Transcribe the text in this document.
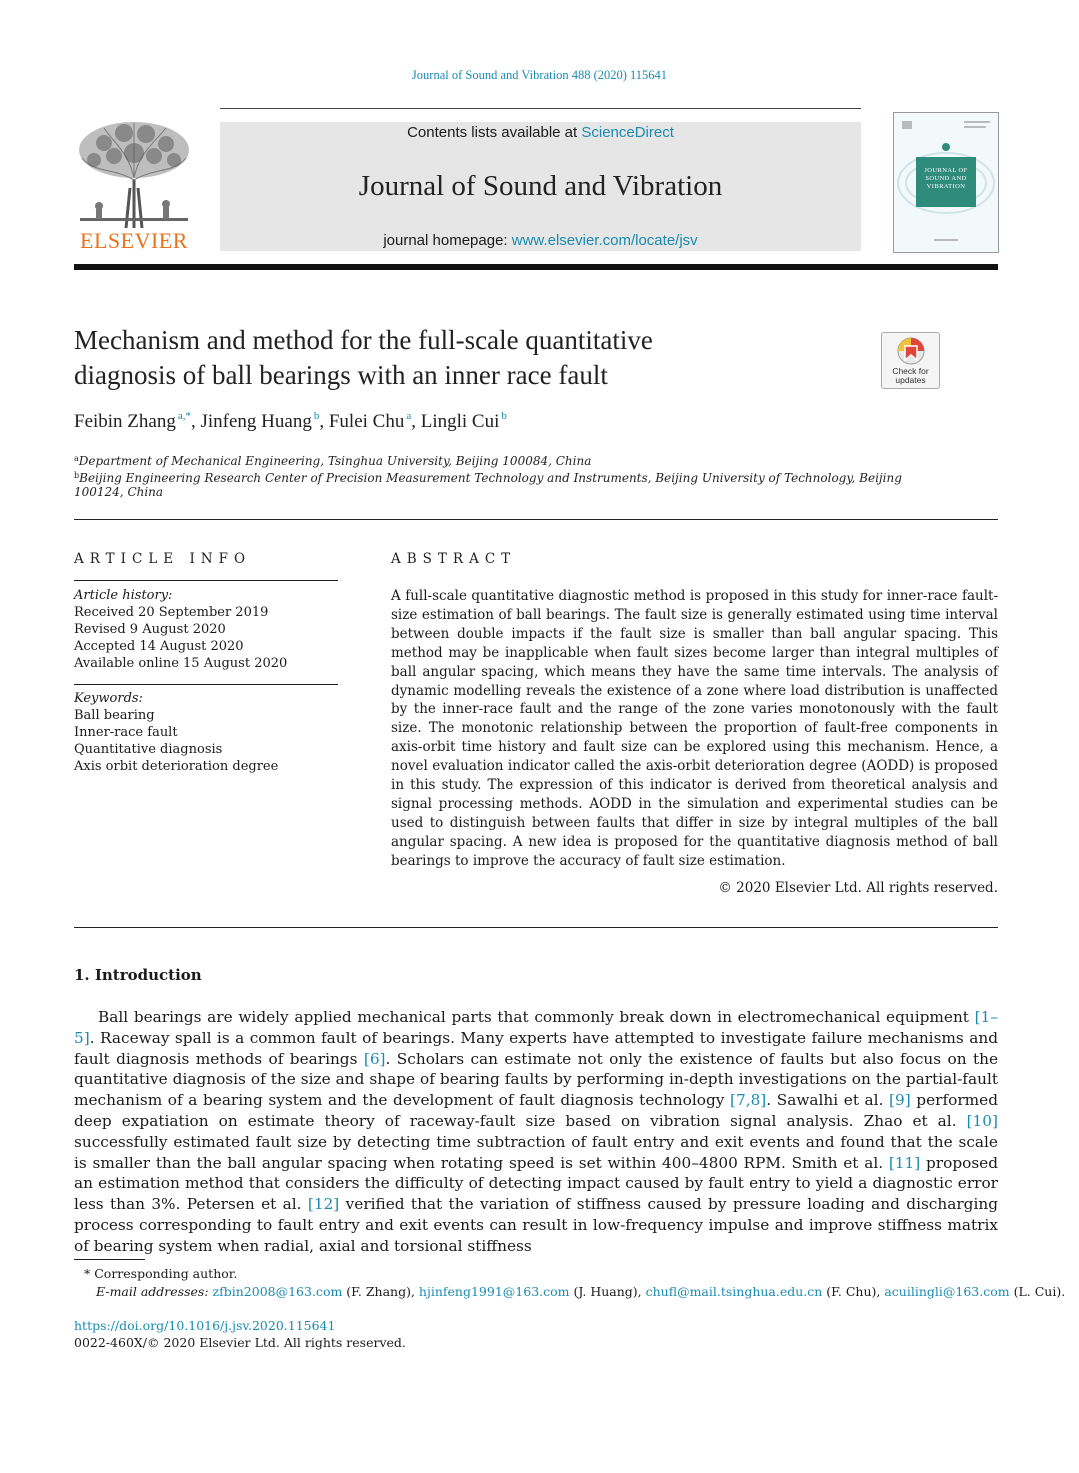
Journal of Sound and Vibration 488 (2020) 115641
ELSEVIER
Contents lists available at ScienceDirect
Journal of Sound and Vibration
journal homepage: www.elsevier.com/locate/jsv
JOURNAL OF
SOUND AND
VIBRATION
Mechanism and method for the full-scale quantitative
diagnosis of ball bearings with an inner race fault	Check for
updates
Feibin Zhang $^{a,*}$, Jinfeng Huang $^b$, Fulei Chu $^a$, Lingli Cui $^b$
$^a$Department of Mechanical Engineering, Tsinghua University, Beijing 100084, China
$^b$Beijing Engineering Research Center of Precision Measurement Technology and Instruments, Beijing University of Technology, Beijing
100124, China
ARTICLE INFO
Article history:
Received 20 September 2019
Revised 9 August 2020
Accepted 14 August 2020
Available online 15 August 2020
Keywords:
Ball bearing
Inner-race fault
Quantitative diagnosis
Axis orbit deterioration degree
ABSTRACT
A full-scale quantitative diagnostic method is proposed in this study for inner-race fault-size estimation of ball bearings. The fault size is generally estimated using time interval between double impacts if the fault size is smaller than ball angular spacing. This method may be inapplicable when fault sizes become larger than integral multiples of ball angular spacing, which means they have the same time intervals. The analysis of dynamic modelling reveals the existence of a zone where load distribution is unaffected by the inner-race fault and the range of the zone varies monotonously with the fault size. The monotonic relationship between the proportion of fault-free components in axis-orbit time history and fault size can be explored using this mechanism. Hence, a novel evaluation indicator called the axis-orbit deterioration degree (AODD) is proposed in this study. The expression of this indicator is derived from theoretical analysis and signal processing methods. AODD in the simulation and experimental studies can be used to distinguish between faults that differ in size by integral multiples of the ball angular spacing. A new idea is proposed for the quantitative diagnosis method of ball bearings to improve the accuracy of fault size estimation.
© 2020 Elsevier Ltd. All rights reserved.
1. Introduction
Ball bearings are widely applied mechanical parts that commonly break down in electromechanical equipment [1–5]. Raceway spall is a common fault of bearings. Many experts have attempted to investigate failure mechanisms and fault diagnosis methods of bearings [6]. Scholars can estimate not only the existence of faults but also focus on the quantitative diagnosis of the size and shape of bearing faults by performing in-depth investigations on the partial-fault mechanism of a bearing system and the development of fault diagnosis technology [7,8]. Sawalhi et al. [9] performed deep expatiation on estimate theory of raceway-fault size based on vibration signal analysis. Zhao et al. [10] successfully estimated fault size by detecting time subtraction of fault entry and exit events and found that the scale is smaller than the ball angular spacing when rotating speed is set within 400–4800 RPM. Smith et al. [11] proposed an estimation method that considers the difficulty of detecting impact caused by fault entry to yield a diagnostic error less than 3%. Petersen et al. [12] verified that the variation of stiffness caused by pressure loading and discharging process corresponding to fault entry and exit events can result in low-frequency impulse and improve stiffness matrix of bearing system when radial, axial and torsional stiffness
* Corresponding author.
E-mail addresses: zfbin2008@163.com (F. Zhang), hjinfeng1991@163.com (J. Huang), chufl@mail.tsinghua.edu.cn (F. Chu), acuilingli@163.com (L. Cui).
https://doi.org/10.1016/j.jsv.2020.115641
0022-460X/© 2020 Elsevier Ltd. All rights reserved.
